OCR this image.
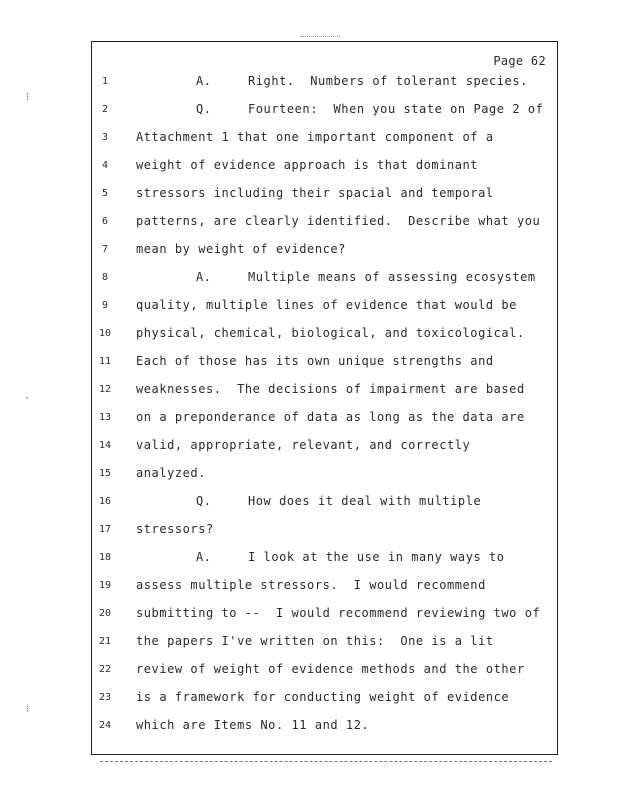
Page 62
⁝
ʿ
⁝
1	A.	Right.  Numbers of tolerant species.
2	Q.	Fourteen:  When you state on Page 2 of
3	Attachment 1 that one important component of a
4	weight of evidence approach is that dominant
5	stressors including their spacial and temporal
6	patterns, are clearly identified.  Describe what you
7	mean by weight of evidence?
8	A.	Multiple means of assessing ecosystem
9	quality, multiple lines of evidence that would be
10	physical, chemical, biological, and toxicological.
11	Each of those has its own unique strengths and
12	weaknesses.  The decisions of impairment are based
13	on a preponderance of data as long as the data are
14	valid, appropriate, relevant, and correctly
15	analyzed.
16	Q.	How does it deal with multiple
17	stressors?
18	A.	I look at the use in many ways to
19	assess multiple stressors.  I would recommend
20	submitting to --  I would recommend reviewing two of
21	the papers I've written on this:  One is a lit
22	review of weight of evidence methods and the other
23	is a framework for conducting weight of evidence
24	which are Items No. 11 and 12.
